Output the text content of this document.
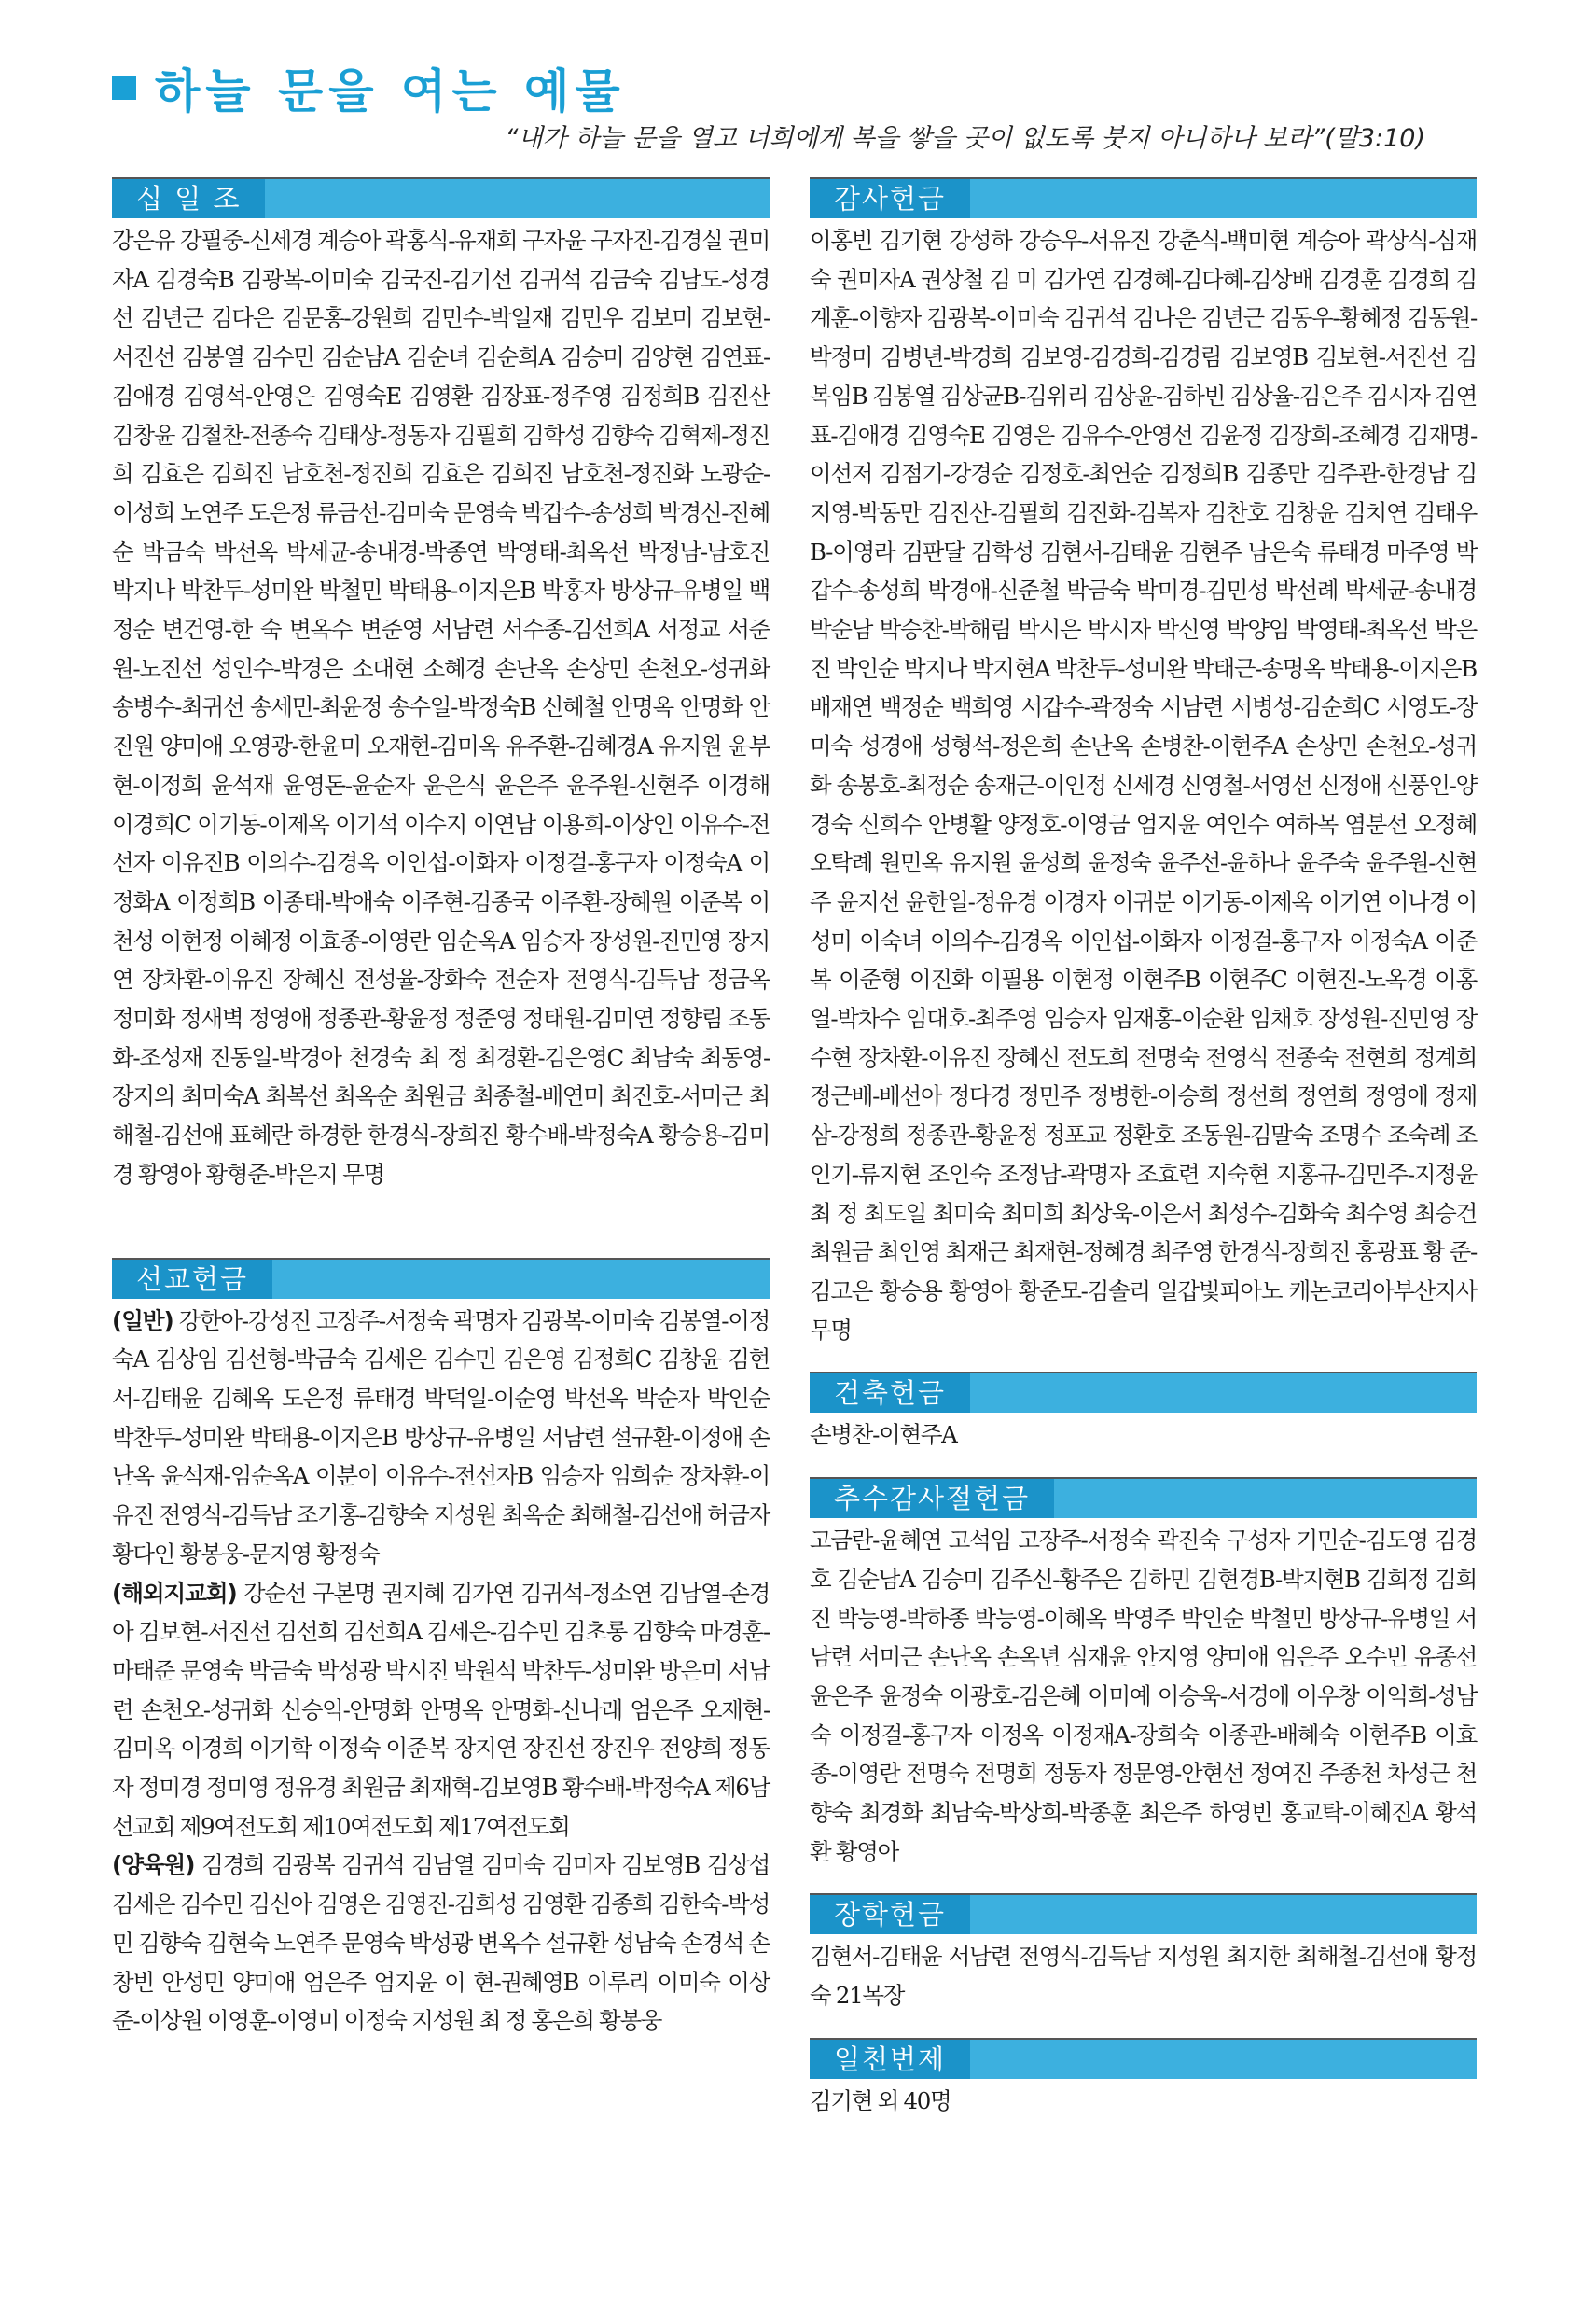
하늘 문을 여는 예물
“내가 하늘 문을 열고 너희에게 복을 쌓을 곳이 없도록 붓지 아니하나 보라”(말3:10)
십 일 조
강은유 강필중-신세경 계승아 곽홍식-유재희 구자윤 구자진-김경실 권미자A 김경숙B 김광복-이미숙 김국진-김기선 김귀석 김금숙 김남도-성경선 김년근 김다은 김문홍-강원희 김민수-박일재 김민우 김보미 김보현-서진선 김봉열 김수민 김순남A 김순녀 김순희A 김승미 김양현 김연표-김애경 김영석-안영은 김영숙E 김영환 김장표-정주영 김정희B 김진산 김창윤 김철찬-전종숙 김태상-정동자 김필희 김학성 김향숙 김혁제-정진희 김효은 김희진 남호천-정진희 김효은 김희진 남호천-정진화 노광순-이성희 노연주 도은정 류금선-김미숙 문영숙 박갑수-송성희 박경신-전혜순 박금숙 박선옥 박세균-송내경-박종연 박영태-최옥선 박정남-남호진 박지나 박찬두-성미완 박철민 박태용-이지은B 박홍자 방상규-유병일 백정순 변건영-한 숙 변옥수 변준영 서남련 서수종-김선희A 서정교 서준원-노진선 성인수-박경은 소대현 소혜경 손난옥 손상민 손천오-성귀화 송병수-최귀선 송세민-최윤정 송수일-박정숙B 신혜철 안명옥 안명화 안진원 양미애 오영광-한윤미 오재현-김미옥 유주환-김혜경A 유지원 윤부현-이정희 윤석재 윤영돈-윤순자 윤은식 윤은주 윤주원-신현주 이경해 이경희C 이기동-이제옥 이기석 이수지 이연남 이용희-이상인 이유수-전선자 이유진B 이의수-김경옥 이인섭-이화자 이정걸-홍구자 이정숙A 이정화A 이정희B 이종태-박애숙 이주현-김종국 이주환-장혜원 이준복 이천성 이현정 이혜정 이효종-이영란 임순옥A 임승자 장성원-진민영 장지연 장차환-이유진 장혜신 전성율-장화숙 전순자 전영식-김득남 정금옥 정미화 정새벽 정영애 정종관-황윤정 정준영 정태원-김미연 정향림 조동화-조성재 진동일-박경아 천경숙 최 정 최경환-김은영C 최남숙 최동영-장지의 최미숙A 최복선 최옥순 최원금 최종철-배연미 최진호-서미근 최해철-김선애 표혜란 하경한 한경식-장희진 황수배-박정숙A 황승용-김미경 황영아 황형준-박은지 무명
선교헌금
(일반) 강한아-강성진 고장주-서정숙 곽명자 김광복-이미숙 김봉열-이정숙A 김상임 김선형-박금숙 김세은 김수민 김은영 김정희C 김창윤 김현서-김태윤 김혜옥 도은정 류태경 박덕일-이순영 박선옥 박순자 박인순 박찬두-성미완 박태용-이지은B 방상규-유병일 서남련 설규환-이정애 손난옥 윤석재-임순옥A 이분이 이유수-전선자B 임승자 임희순 장차환-이유진 전영식-김득남 조기홍-김향숙 지성원 최옥순 최해철-김선애 허금자 황다인 황봉웅-문지영 황정숙
(해외지교회) 강순선 구본명 권지혜 김가연 김귀석-정소연 김남열-손경아 김보현-서진선 김선희 김선희A 김세은-김수민 김초롱 김향숙 마경훈-마태준 문영숙 박금숙 박성광 박시진 박원석 박찬두-성미완 방은미 서남련 손천오-성귀화 신승익-안명화 안명옥 안명화-신나래 엄은주 오재현-김미옥 이경희 이기학 이정숙 이준복 장지연 장진선 장진우 전양희 정동자 정미경 정미영 정유경 최원금 최재혁-김보영B 황수배-박정숙A 제6남선교회 제9여전도회 제10여전도회 제17여전도회
(양육원) 김경희 김광복 김귀석 김남열 김미숙 김미자 김보영B 김상섭 김세은 김수민 김신아 김영은 김영진-김희성 김영환 김종희 김한숙-박성민 김향숙 김현숙 노연주 문영숙 박성광 변옥수 설규환 성남숙 손경석 손창빈 안성민 양미애 엄은주 엄지윤 이 현-권혜영B 이루리 이미숙 이상준-이상원 이영훈-이영미 이정숙 지성원 최 정 홍은희 황봉웅
감사헌금
이홍빈 김기현 강성하 강승우-서유진 강춘식-백미현 계승아 곽상식-심재숙 권미자A 권상철 김 미 김가연 김경혜-김다혜-김상배 김경훈 김경희 김계훈-이향자 김광복-이미숙 김귀석 김나은 김년근 김동우-황혜정 김동원-박정미 김병년-박경희 김보영-김경희-김경림 김보영B 김보현-서진선 김복임B 김봉열 김상균B-김위리 김상윤-김하빈 김상율-김은주 김시자 김연표-김애경 김영숙E 김영은 김유수-안영선 김윤정 김장희-조혜경 김재명-이선저 김점기-강경순 김정호-최연순 김정희B 김종만 김주관-한경남 김지영-박동만 김진산-김필희 김진화-김복자 김찬호 김창윤 김치연 김태우B-이영라 김판달 김학성 김현서-김태윤 김현주 남은숙 류태경 마주영 박갑수-송성희 박경애-신준철 박금숙 박미경-김민성 박선례 박세균-송내경 박순남 박승찬-박해림 박시은 박시자 박신영 박양임 박영태-최옥선 박은진 박인순 박지나 박지현A 박찬두-성미완 박태근-송명옥 박태용-이지은B 배재연 백정순 백희영 서갑수-곽정숙 서남련 서병성-김순희C 서영도-장미숙 성경애 성형석-정은희 손난옥 손병찬-이현주A 손상민 손천오-성귀화 송봉호-최정순 송재근-이인정 신세경 신영철-서영선 신정애 신풍인-양경숙 신희수 안병활 양정호-이영금 엄지윤 여인수 여하목 염분선 오정혜 오탁례 원민옥 유지원 윤성희 윤정숙 윤주선-윤하나 윤주숙 윤주원-신현주 윤지선 윤한일-정유경 이경자 이귀분 이기동-이제옥 이기연 이나경 이성미 이숙녀 이의수-김경옥 이인섭-이화자 이정걸-홍구자 이정숙A 이준복 이준형 이진화 이필용 이현정 이현주B 이현주C 이현진-노옥경 이홍열-박차수 임대호-최주영 임승자 임재홍-이순환 임채호 장성원-진민영 장수현 장차환-이유진 장혜신 전도희 전명숙 전영식 전종숙 전현희 정계희 정근배-배선아 정다경 정민주 정병한-이승희 정선희 정연희 정영애 정재삼-강정희 정종관-황윤정 정포교 정환호 조동원-김말숙 조명수 조숙례 조인기-류지현 조인숙 조정남-곽명자 조효련 지숙현 지홍규-김민주-지정윤 최 정 최도일 최미숙 최미희 최상욱-이은서 최성수-김화숙 최수영 최승건 최원금 최인영 최재근 최재현-정혜경 최주영 한경식-장희진 홍광표 황 준-김고은 황승용 황영아 황준모-김솔리 일갑빛피아노 캐논코리아부산지사 무명
건축헌금
손병찬-이현주A
추수감사절헌금
고금란-윤혜연 고석임 고장주-서정숙 곽진숙 구성자 기민순-김도영 김경호 김순남A 김승미 김주신-황주은 김하민 김현경B-박지현B 김희정 김희진 박능영-박하종 박능영-이혜옥 박영주 박인순 박철민 방상규-유병일 서남련 서미근 손난옥 손옥년 심재윤 안지영 양미애 엄은주 오수빈 유종선 윤은주 윤정숙 이광호-김은혜 이미예 이승욱-서경애 이우창 이익희-성남숙 이정걸-홍구자 이정옥 이정재A-장희숙 이종관-배혜숙 이현주B 이효종-이영란 전명숙 전명희 정동자 정문영-안현선 정여진 주종천 차성근 천향숙 최경화 최남숙-박상희-박종훈 최은주 하영빈 홍교탁-이혜진A 황석환 황영아
장학헌금
김현서-김태윤 서남련 전영식-김득남 지성원 최지한 최해철-김선애 황정숙 21목장
일천번제
김기현 외 40명
